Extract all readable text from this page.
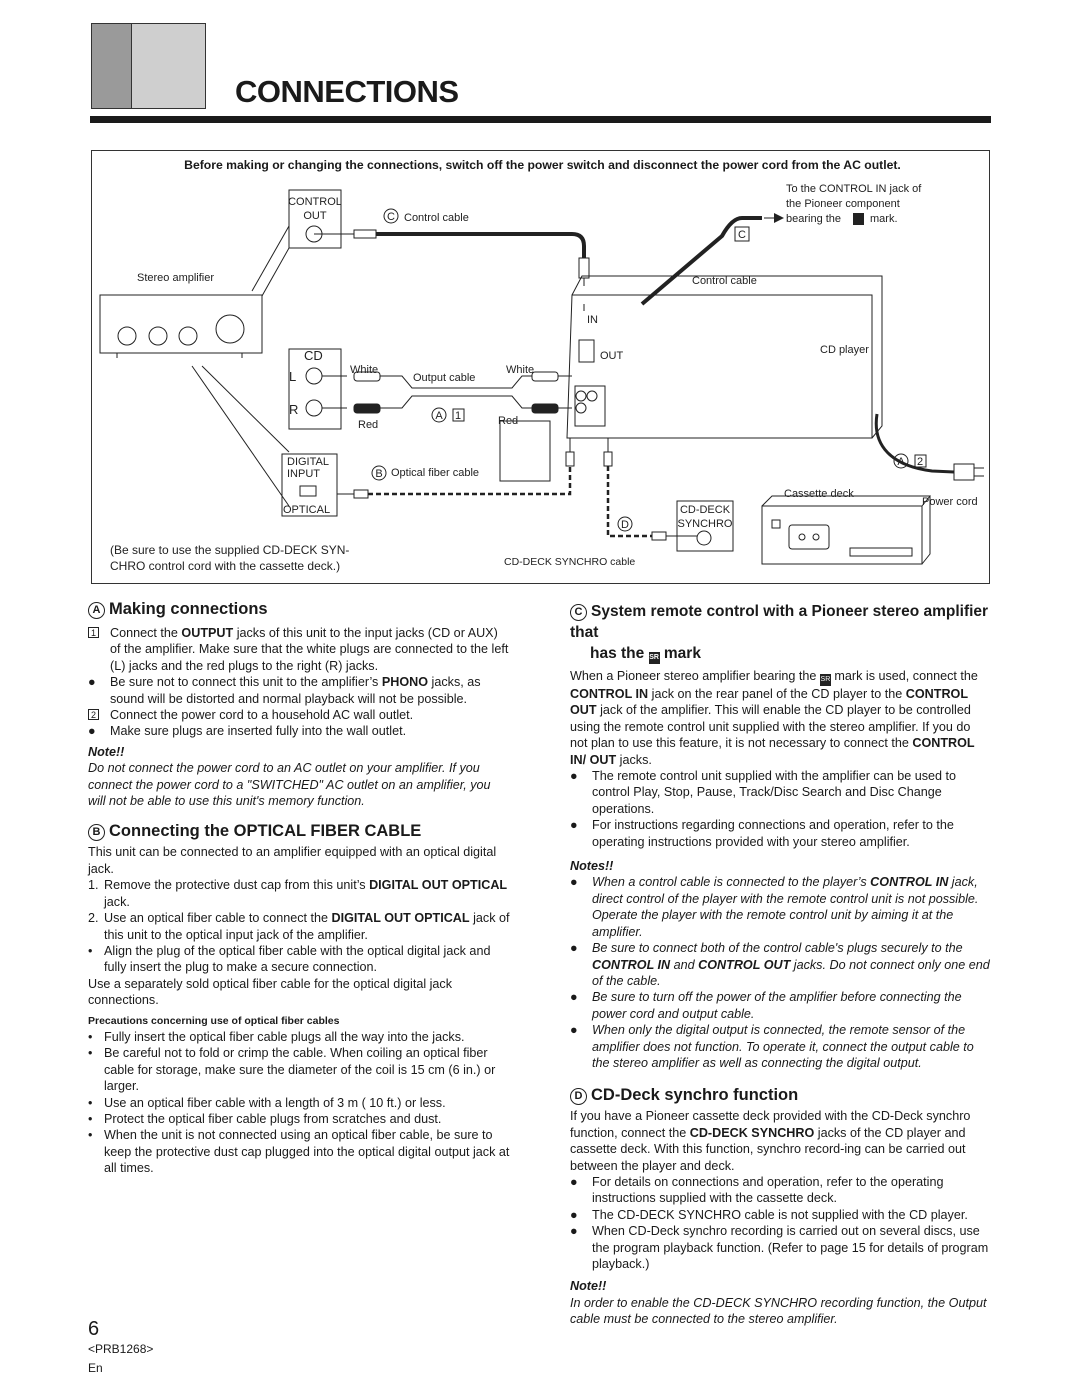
CONNECTIONS
Before making or changing the connections, switch off the power switch and disconnect the power cord from the AC outlet.
CONTROL
OUT	C Control cable
To the CONTROL IN jack of
the Pioneer component
bearing the	mark.
C
Stereo amplifier	Control cable
IN
OUT	CD player
CD
L
R
White
Output cable
White
Red	Red
A 1
A 2
DIGITAL
INPUT	B Optical fiber cable
OPTICAL
Cassette deck
Power cord
CD-DECK
SYNCHRO
D
(Be sure to use the supplied CD-DECK SYN-
CHRO control cord with the cassette deck.)	CD-DECK SYNCHRO cable
A Making connections
1 Connect the OUTPUT jacks of this unit to the input jacks (CD or AUX) of the amplifier. Make sure that the white plugs are connected to the left (L) jacks and the red plugs to the right (R) jacks.
● Be sure not to connect this unit to the amplifier’s PHONO jacks, as sound will be distorted and normal playback will not be possible.
2 Connect the power cord to a household AC wall outlet.
● Make sure plugs are inserted fully into the wall outlet.
Note!!

Do not connect the power cord to an AC outlet on your amplifier. If you connect the power cord to a "SWITCHED" AC outlet on an amplifier, you will not be able to use this unit's memory function.

B Connecting the OPTICAL FIBER CABLE

This unit can be connected to an amplifier equipped with an optical digital jack.

1. Remove the protective dust cap from this unit’s DIGITAL OUT OPTICAL jack.
2. Use an optical fiber cable to connect the DIGITAL OUT OPTICAL jack of this unit to the optical input jack of the amplifier.
• Align the plug of the optical fiber cable with the optical digital jack and fully insert the plug to make a secure connection.

Use a separately sold optical fiber cable for the optical digital jack connections.

Precautions concerning use of optical fiber cables
• Fully insert the optical fiber cable plugs all the way into the jacks.
• Be careful not to fold or crimp the cable. When coiling an optical fiber cable for storage, make sure the diameter of the coil is 15 cm (6 in.) or larger.
• Use an optical fiber cable with a length of 3 m ( 10 ft.) or less.
• Protect the optical fiber cable plugs from scratches and dust.
• When the unit is not connected using an optical fiber cable, be sure to keep the protective dust cap plugged into the optical digital output jack at all times.
C System remote control with a Pioneer stereo amplifier that
has the SR mark

When a Pioneer stereo amplifier bearing the SR mark is used, connect the CONTROL IN jack on the rear panel of the CD player to the CONTROL OUT jack of the amplifier. This will enable the CD player to be controlled using the remote control unit supplied with the stereo amplifier. If you do not plan to use this feature, it is not necessary to connect the CONTROL IN/ OUT jacks.

● The remote control unit supplied with the amplifier can be used to control Play, Stop, Pause, Track/Disc Search and Disc Change operations.
● For instructions regarding connections and operation, refer to the operating instructions provided with your stereo amplifier.
Notes!!
● When a control cable is connected to the player’s CONTROL IN jack, direct control of the player with the remote control unit is not possible. Operate the player with the remote control unit by aiming it at the amplifier.
● Be sure to connect both of the control cable's plugs securely to the CONTROL IN and CONTROL OUT jacks. Do not connect only one end of the cable.
● Be sure to turn off the power of the amplifier before connecting the power cord and output cable.
● When only the digital output is connected, the remote sensor of the amplifier does not function. To operate it, connect the output cable to the stereo amplifier as well as connecting the digital output.
D CD-Deck synchro function

If you have a Pioneer cassette deck provided with the CD-Deck synchro function, connect the CD-DECK SYNCHRO jacks of the CD player and cassette deck. With this function, synchro record-ing can be carried out between the player and deck.

● For details on connections and operation, refer to the operating instructions supplied with the cassette deck.
● The CD-DECK SYNCHRO cable is not supplied with the CD player.
● When CD-Deck synchro recording is carried out on several discs, use the program playback function. (Refer to page 15 for details of program playback.)
Note!!

In order to enable the CD-DECK SYNCHRO recording function, the Output cable must be connected to the stereo amplifier.

6
<PRB1268>
En
